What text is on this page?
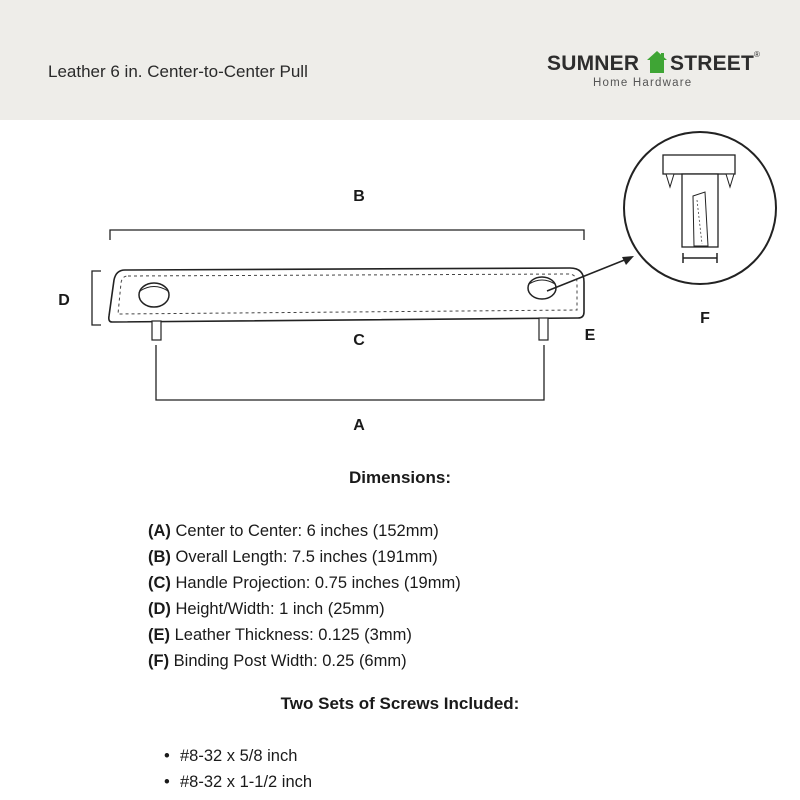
Leather 6 in. Center-to-Center Pull	SUMNER STREET ®
Home Hardware
B
D
C	E
A
F
Dimensions:
(A) Center to Center: 6 inches (152mm)
(B) Overall Length: 7.5 inches (191mm)
(C) Handle Projection: 0.75 inches (19mm)
(D) Height/Width: 1 inch (25mm)
(E) Leather Thickness: 0.125 (3mm)
(F) Binding Post Width: 0.25 (6mm)
Two Sets of Screws Included:
• #8-32 x 5/8 inch
• #8-32 x 1-1/2 inch
